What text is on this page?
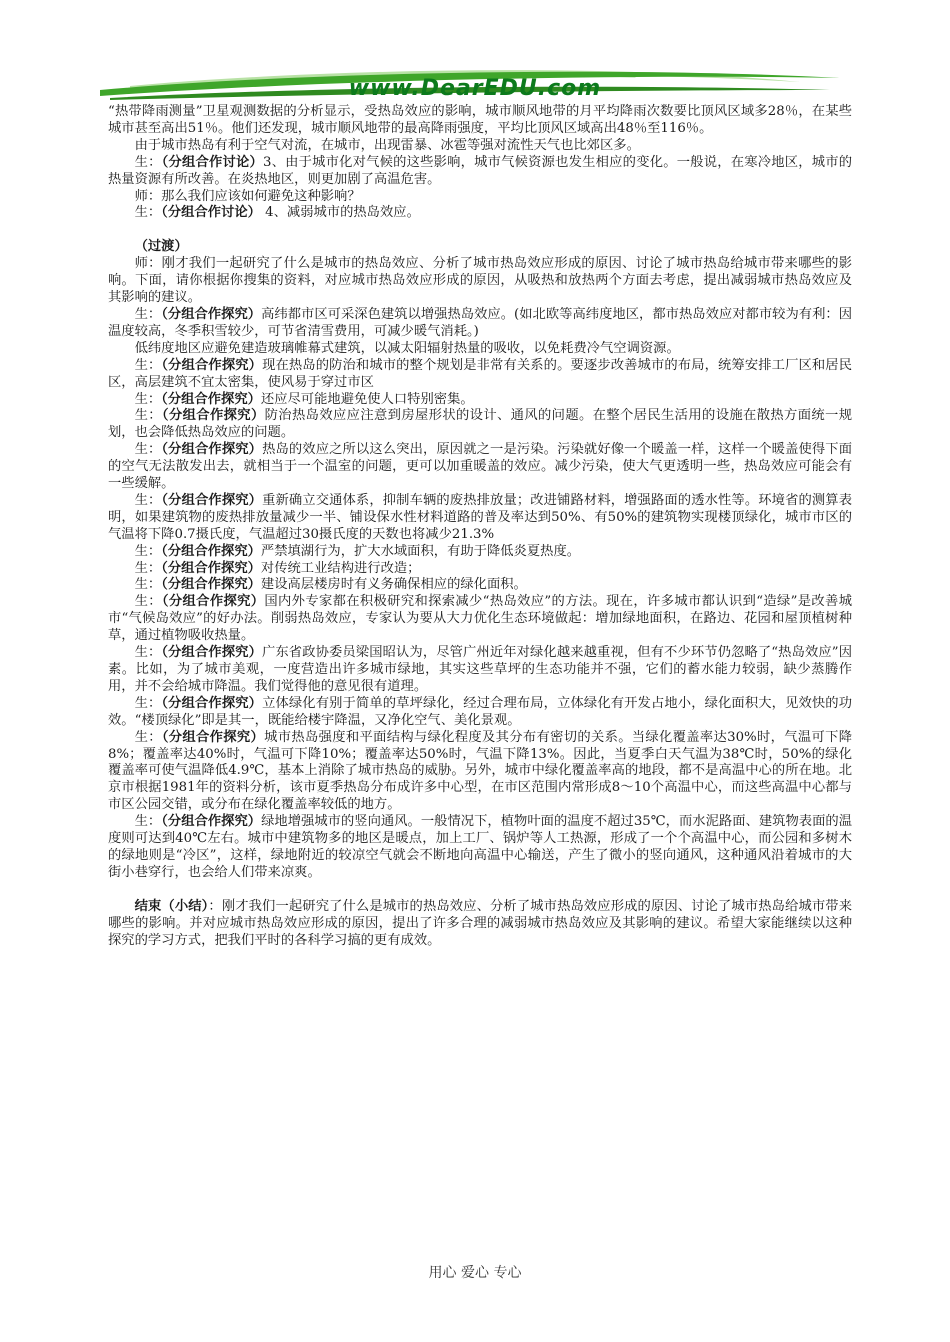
www.DearEDU.com

“热带降雨测量”卫星观测数据的分析显示，受热岛效应的影响，城市顺风地带的月平均降雨次数要比顶风区域多28％，在某些城市甚至高出51％。他们还发现，城市顺风地带的最高降雨强度，平均比顶风区域高出48％至116％。

由于城市热岛有利于空气对流，在城市，出现雷暴、冰雹等强对流性天气也比郊区多。

生：（分组合作讨论）3、由于城市化对气候的这些影响，城市气候资源也发生相应的变化。一般说，在寒冷地区，城市的热量资源有所改善。在炎热地区，则更加剧了高温危害。

师：那么我们应该如何避免这种影响？

生：（分组合作讨论） 4、减弱城市的热岛效应。

（过渡）

师：刚才我们一起研究了什么是城市的热岛效应、分析了城市热岛效应形成的原因、讨论了城市热岛给城市带来哪些的影响。下面，请你根据你搜集的资料，对应城市热岛效应形成的原因，从吸热和放热两个方面去考虑，提出减弱城市热岛效应及其影响的建议。

生：（分组合作探究）高纬都市区可采深色建筑以增强热岛效应。(如北欧等高纬度地区，都市热岛效应对都市较为有利：因温度较高，冬季积雪较少，可节省清雪费用，可减少暖气消耗。)

低纬度地区应避免建造玻璃帷幕式建筑，以减太阳辐射热量的吸收，以免耗费冷气空调资源。

生：（分组合作探究）现在热岛的防治和城市的整个规划是非常有关系的。要逐步改善城市的布局，统筹安排工厂区和居民区，高层建筑不宜太密集，使风易于穿过市区

生：（分组合作探究）还应尽可能地避免使人口特别密集。

生：（分组合作探究）防治热岛效应应注意到房屋形状的设计、通风的问题。在整个居民生活用的设施在散热方面统一规划，也会降低热岛效应的问题。

生：（分组合作探究）热岛的效应之所以这么突出，原因就之一是污染。污染就好像一个暖盖一样，这样一个暖盖使得下面的空气无法散发出去，就相当于一个温室的问题，更可以加重暖盖的效应。减少污染，使大气更透明一些，热岛效应可能会有一些缓解。

生：（分组合作探究）重新确立交通体系，抑制车辆的废热排放量；改进铺路材料，增强路面的透水性等。环境省的测算表明，如果建筑物的废热排放量减少一半、铺设保水性材料道路的普及率达到50%、有50%的建筑物实现楼顶绿化，城市市区的气温将下降0.7摄氏度，气温超过30摄氏度的天数也将减少21.3%

生：（分组合作探究）严禁填湖行为，扩大水域面积，有助于降低炎夏热度。

生：（分组合作探究）对传统工业结构进行改造；

生：（分组合作探究）建设高层楼房时有义务确保相应的绿化面积。

生：（分组合作探究）国内外专家都在积极研究和探索减少“热岛效应”的方法。现在，许多城市都认识到“造绿”是改善城市“气候岛效应”的好办法。削弱热岛效应，专家认为要从大力优化生态环境做起：增加绿地面积，在路边、花园和屋顶植树种草，通过植物吸收热量。

生：（分组合作探究）广东省政协委员梁国昭认为，尽管广州近年对绿化越来越重视，但有不少环节仍忽略了“热岛效应”因素。比如，为了城市美观，一度营造出许多城市绿地，其实这些草坪的生态功能并不强，它们的蓄水能力较弱，缺少蒸腾作用，并不会给城市降温。我们觉得他的意见很有道理。

生：（分组合作探究）立体绿化有别于简单的草坪绿化，经过合理布局，立体绿化有开发占地小，绿化面积大，见效快的功效。“楼顶绿化”即是其一，既能给楼宇降温，又净化空气、美化景观。

生：（分组合作探究）城市热岛强度和平面结构与绿化程度及其分布有密切的关系。当绿化覆盖率达30%时，气温可下降8%；覆盖率达40%时，气温可下降10%；覆盖率达50%时，气温下降13%。因此，当夏季白天气温为38℃时，50%的绿化覆盖率可使气温降低4.9℃，基本上消除了城市热岛的威胁。另外，城市中绿化覆盖率高的地段，都不是高温中心的所在地。北京市根据1981年的资料分析，该市夏季热岛分布成许多中心型，在市区范围内常形成8～10个高温中心，而这些高温中心都与市区公园交错，或分布在绿化覆盖率较低的地方。

生：（分组合作探究）绿地增强城市的竖向通风。一般情况下，植物叶面的温度不超过35℃，而水泥路面、建筑物表面的温度则可达到40℃左右。城市中建筑物多的地区是暖点，加上工厂、锅炉等人工热源，形成了一个个高温中心，而公园和多树木的绿地则是“冷区”，这样，绿地附近的较凉空气就会不断地向高温中心输送，产生了微小的竖向通风，这种通风沿着城市的大街小巷穿行，也会给人们带来凉爽。

结束（小结）：刚才我们一起研究了什么是城市的热岛效应、分析了城市热岛效应形成的原因、讨论了城市热岛给城市带来哪些的影响。并对应城市热岛效应形成的原因，提出了许多合理的减弱城市热岛效应及其影响的建议。希望大家能继续以这种探究的学习方式，把我们平时的各科学习搞的更有成效。

用心 爱心 专心
